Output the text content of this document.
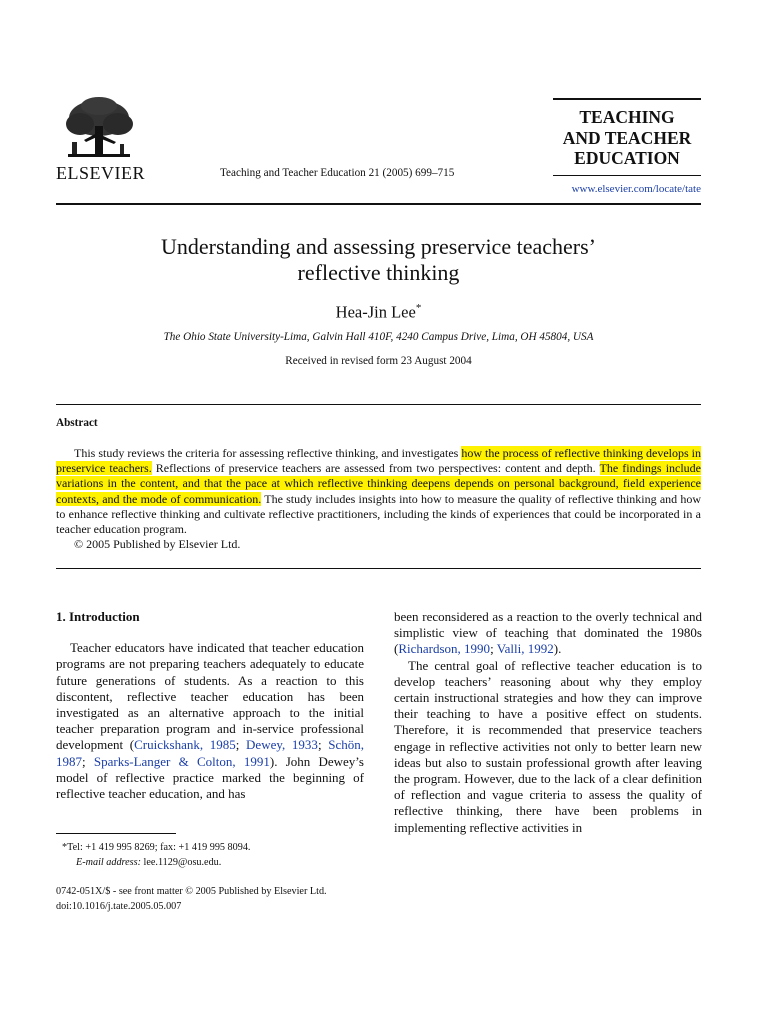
ELSEVIER	Teaching and Teacher Education 21 (2005) 699–715
TEACHING
AND TEACHER
EDUCATION
www.elsevier.com/locate/tate
Understanding and assessing preservice teachers’
reflective thinking
Hea-Jin Lee*
The Ohio State University-Lima, Galvin Hall 410F, 4240 Campus Drive, Lima, OH 45804, USA
Received in revised form 23 August 2004
Abstract

This study reviews the criteria for assessing reflective thinking, and investigates how the process of reflective thinking develops in preservice teachers. Reflections of preservice teachers are assessed from two perspectives: content and depth. The findings include variations in the content, and that the pace at which reflective thinking deepens depends on personal background, field experience contexts, and the mode of communication. The study includes insights into how to measure the quality of reflective thinking and how to enhance reflective thinking and cultivate reflective practitioners, including the kinds of experiences that could be incorporated in a teacher education program.

© 2005 Published by Elsevier Ltd.

1. Introduction

Teacher educators have indicated that teacher education programs are not preparing teachers adequately to educate future generations of students. As a reaction to this discontent, reflective teacher education has been investigated as an alternative approach to the initial teacher preparation program and in-service professional development (Cruickshank, 1985; Dewey, 1933; Schön, 1987; Sparks-Langer & Colton, 1991). John Dewey’s model of reflective practice marked the beginning of reflective teacher education, and has

been reconsidered as a reaction to the overly technical and simplistic view of teaching that dominated the 1980s (Richardson, 1990; Valli, 1992).

The central goal of reflective teacher education is to develop teachers’ reasoning about why they employ certain instructional strategies and how they can improve their teaching to have a positive effect on students. Therefore, it is recommended that preservice teachers engage in reflective activities not only to better learn new ideas but also to sustain professional growth after leaving the program. However, due to the lack of a clear definition of reflection and vague criteria to assess the quality of reflective thinking, there have been problems in implementing reflective activities in

*Tel: +1 419 995 8269; fax: +1 419 995 8094.
E-mail address: lee.1129@osu.edu.
0742-051X/$ - see front matter © 2005 Published by Elsevier Ltd.
doi:10.1016/j.tate.2005.05.007
